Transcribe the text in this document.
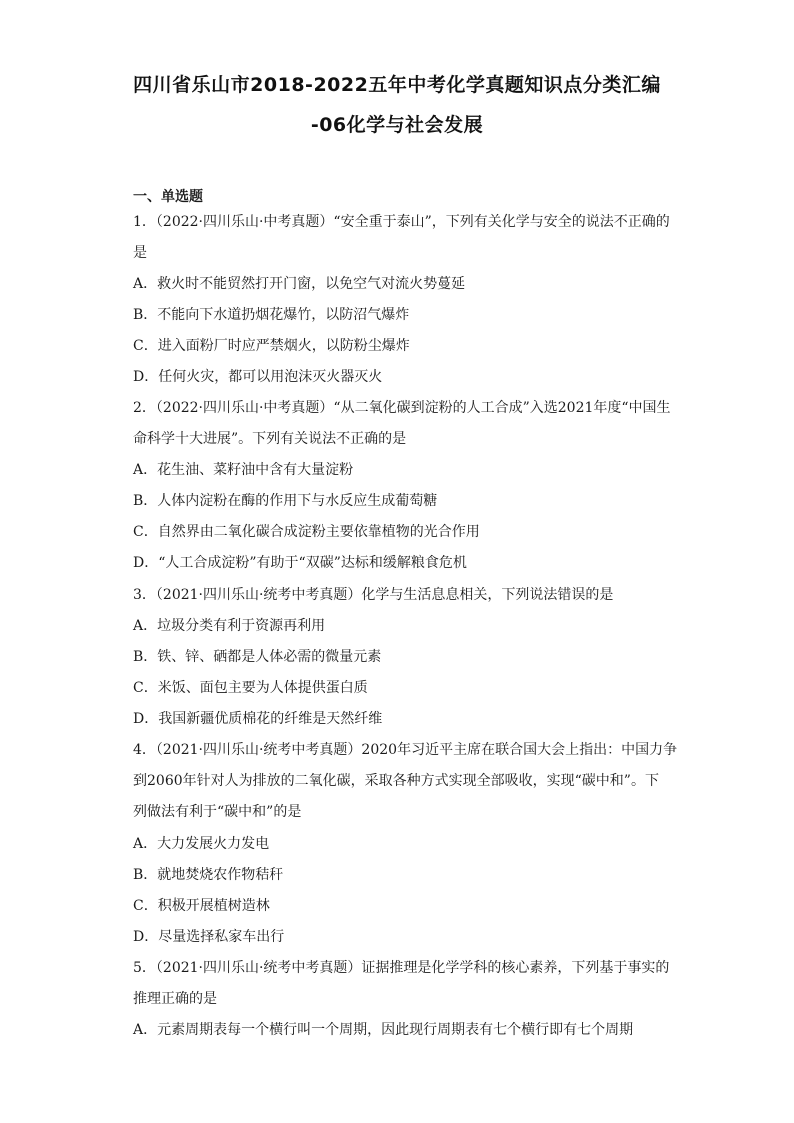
四川省乐山市2018-2022五年中考化学真题知识点分类汇编
-06化学与社会发展
一、单选题
1．（2022·四川乐山·中考真题）“安全重于泰山”，下列有关化学与安全的说法不正确的
是
A．救火时不能贸然打开门窗，以免空气对流火势蔓延
B．不能向下水道扔烟花爆竹，以防沼气爆炸
C．进入面粉厂时应严禁烟火，以防粉尘爆炸
D．任何火灾，都可以用泡沫灭火器灭火
2．（2022·四川乐山·中考真题）“从二氧化碳到淀粉的人工合成”入选2021年度“中国生
命科学十大进展”。下列有关说法不正确的是
A．花生油、菜籽油中含有大量淀粉
B．人体内淀粉在酶的作用下与水反应生成葡萄糖
C．自然界由二氧化碳合成淀粉主要依靠植物的光合作用
D．“人工合成淀粉”有助于“双碳”达标和缓解粮食危机
3．（2021·四川乐山·统考中考真题）化学与生活息息相关，下列说法错误的是
A．垃圾分类有利于资源再利用
B．铁、锌、硒都是人体必需的微量元素
C．米饭、面包主要为人体提供蛋白质
D．我国新疆优质棉花的纤维是天然纤维
4．（2021·四川乐山·统考中考真题）2020年习近平主席在联合国大会上指出：中国力争
到2060年针对人为排放的二氧化碳，采取各种方式实现全部吸收，实现“碳中和”。下
列做法有利于“碳中和”的是
A．大力发展火力发电
B．就地焚烧农作物秸秆
C．积极开展植树造林
D．尽量选择私家车出行
5．（2021·四川乐山·统考中考真题）证据推理是化学学科的核心素养，下列基于事实的
推理正确的是
A．元素周期表每一个横行叫一个周期，因此现行周期表有七个横行即有七个周期
